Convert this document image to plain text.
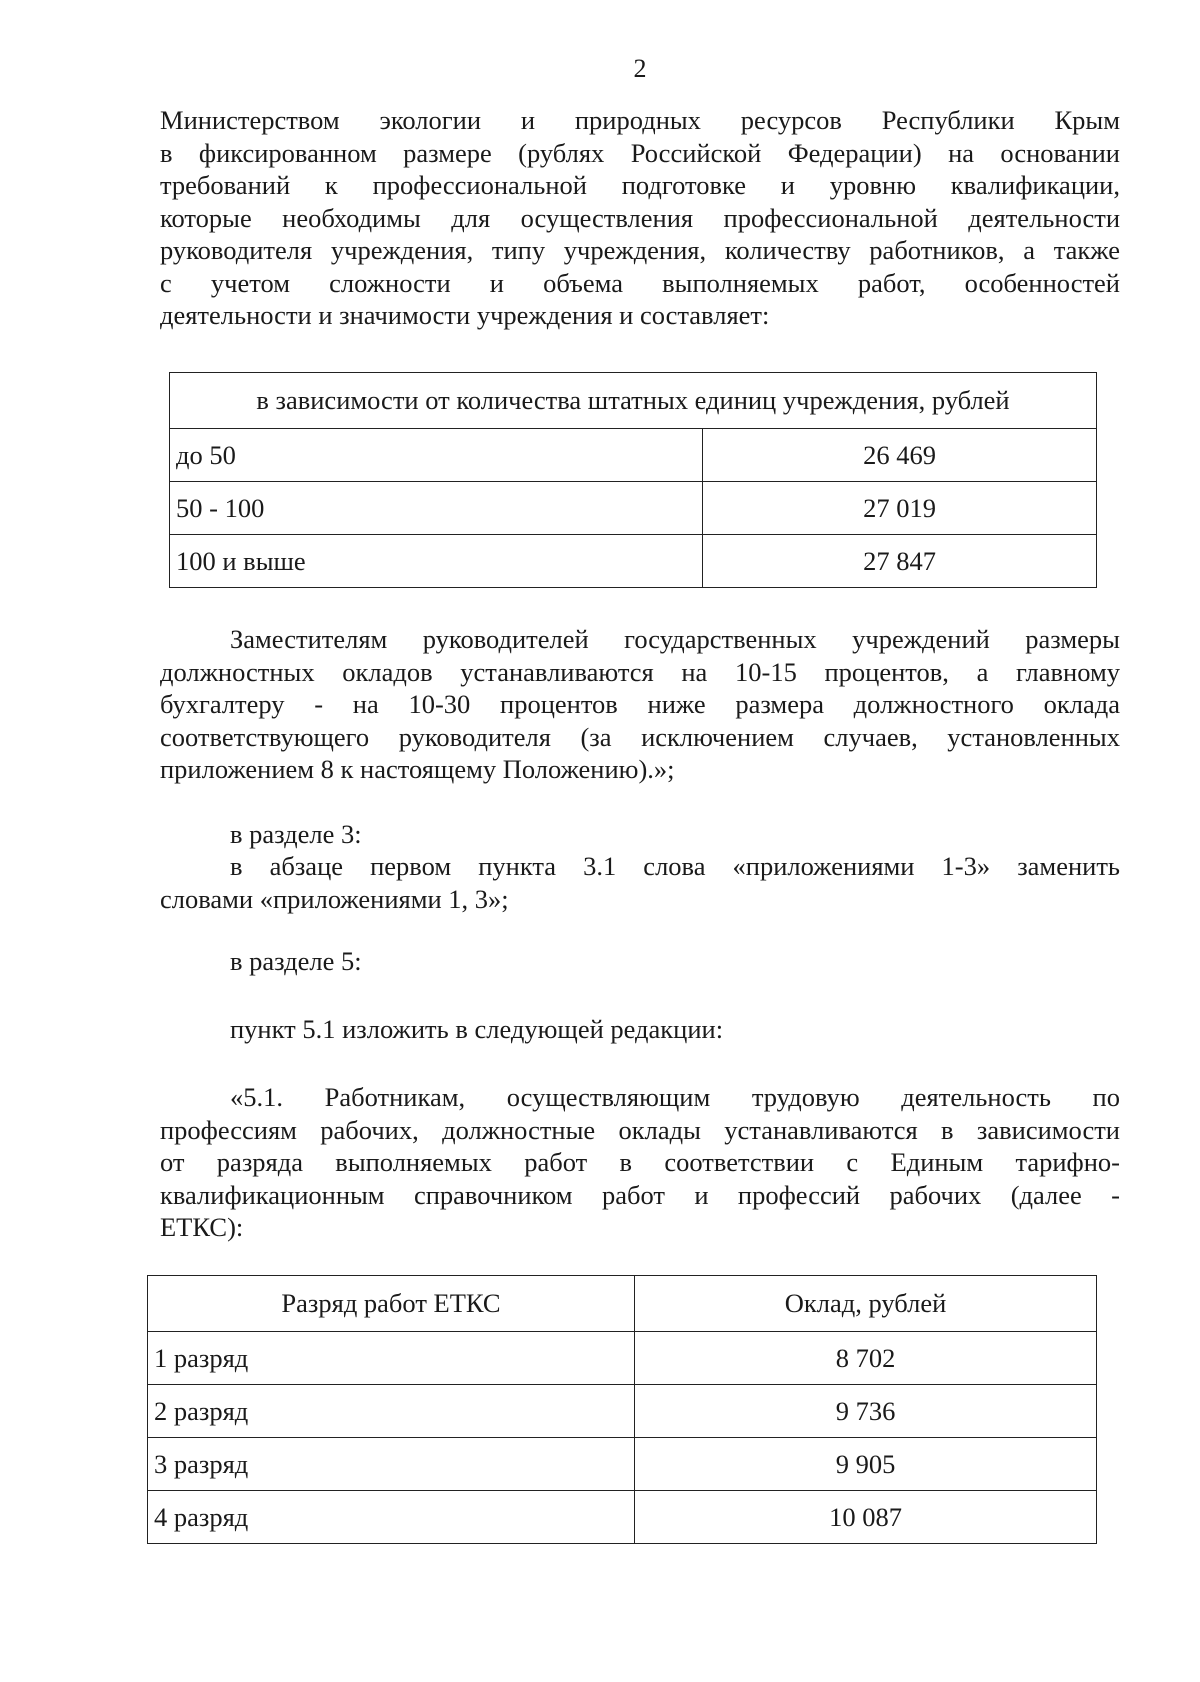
2
Министерством экологии и природных ресурсов Республики Крым
в фиксированном размере (рублях Российской Федерации) на основании
требований к профессиональной подготовке и уровню квалификации,
которые необходимы для осуществления профессиональной деятельности
руководителя учреждения, типу учреждения, количеству работников, а также
с учетом сложности и объема выполняемых работ, особенностей
деятельности и значимости учреждения и составляет:
в зависимости от количества штатных единиц учреждения, рублей	
до 50	26 469
50 - 100	27 019
100 и выше	27 847
Заместителям руководителей государственных учреждений размеры
должностных окладов устанавливаются на 10-15 процентов, а главному
бухгалтеру - на 10-30 процентов ниже размера должностного оклада
соответствующего руководителя (за исключением случаев, установленных
приложением 8 к настоящему Положению).»;
в разделе 3:
в абзаце первом пункта 3.1 слова «приложениями 1-3» заменить
словами «приложениями 1, 3»;
в разделе 5:
пункт 5.1 изложить в следующей редакции:
«5.1. Работникам, осуществляющим трудовую деятельность по
профессиям рабочих, должностные оклады устанавливаются в зависимости
от разряда выполняемых работ в соответствии с Единым тарифно-
квалификационным справочником работ и профессий рабочих (далее -
ЕТКС):
Разряд работ ЕТКС	Оклад, рублей
1 разряд	8 702
2 разряд	9 736
3 разряд	9 905
4 разряд	10 087
